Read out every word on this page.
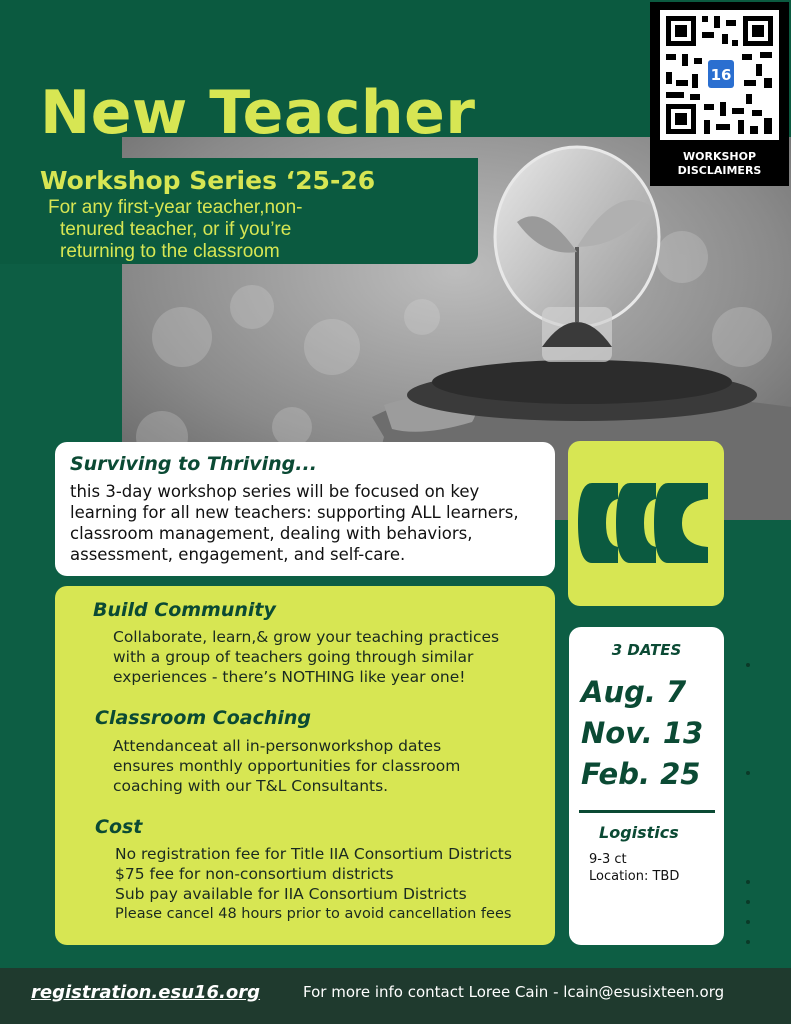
New Teacher
Workshop Series ‘25-26
For any first-year teacher,non-
tenured teacher, or if you’re
returning to the classroom
16
WORKSHOP
DISCLAIMERS
Surviving to Thriving...
this 3-day workshop series will be focused on key
learning for all new teachers: supporting ALL learners,
classroom management, dealing with behaviors,
assessment, engagement, and self-care.
Build Community
Collaborate, learn,& grow your teaching practices
with a group of teachers going through similar
experiences - there’s NOTHING like year one!
Classroom Coaching
Attendanceat all in-personworkshop dates
ensures monthly opportunities for classroom
coaching with our T&L Consultants.
Cost
No registration fee for Title IIA Consortium Districts
$75 fee for non-consortium districts
Sub pay available for IIA Consortium Districts
Please cancel 48 hours prior to avoid cancellation fees
3 DATES
Aug. 7
Nov. 13
Feb. 25
Logistics
9-3 ct
Location: TBD
registration.esu16.org	For more info contact Loree Cain - lcain@esusixteen.org
